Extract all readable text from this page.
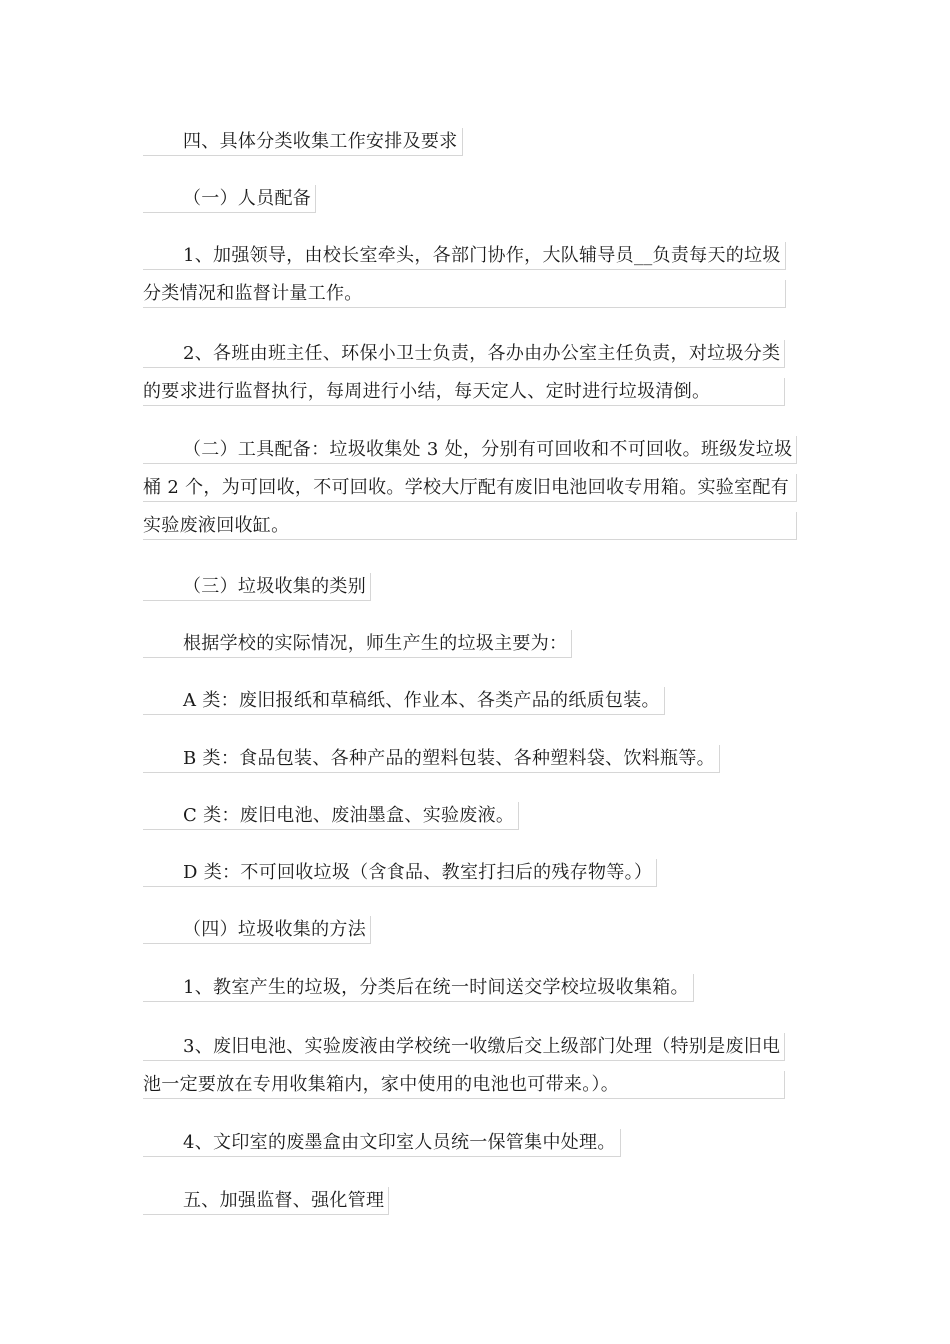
四、具体分类收集工作安排及要求
（一）人员配备
1、加强领导，由校长室牵头，各部门协作，大队辅导员__负责每天的垃圾
分类情况和监督计量工作。
2、各班由班主任、环保小卫士负责，各办由办公室主任负责，对垃圾分类
的要求进行监督执行，每周进行小结，每天定人、定时进行垃圾清倒。
（二）工具配备：垃圾收集处 3 处，分别有可回收和不可回收。班级发垃圾
桶 2 个，为可回收，不可回收。学校大厅配有废旧电池回收专用箱。实验室配有
实验废液回收缸。
（三）垃圾收集的类别
根据学校的实际情况，师生产生的垃圾主要为：
A 类：废旧报纸和草稿纸、作业本、各类产品的纸质包装。
B 类：食品包装、各种产品的塑料包装、各种塑料袋、饮料瓶等。
C 类：废旧电池、废油墨盒、实验废液。
D 类：不可回收垃圾（含食品、教室打扫后的残存物等。）
（四）垃圾收集的方法
1、教室产生的垃圾，分类后在统一时间送交学校垃圾收集箱。
3、废旧电池、实验废液由学校统一收缴后交上级部门处理（特别是废旧电
池一定要放在专用收集箱内，家中使用的电池也可带来。）。
4、文印室的废墨盒由文印室人员统一保管集中处理。
五、加强监督、强化管理
